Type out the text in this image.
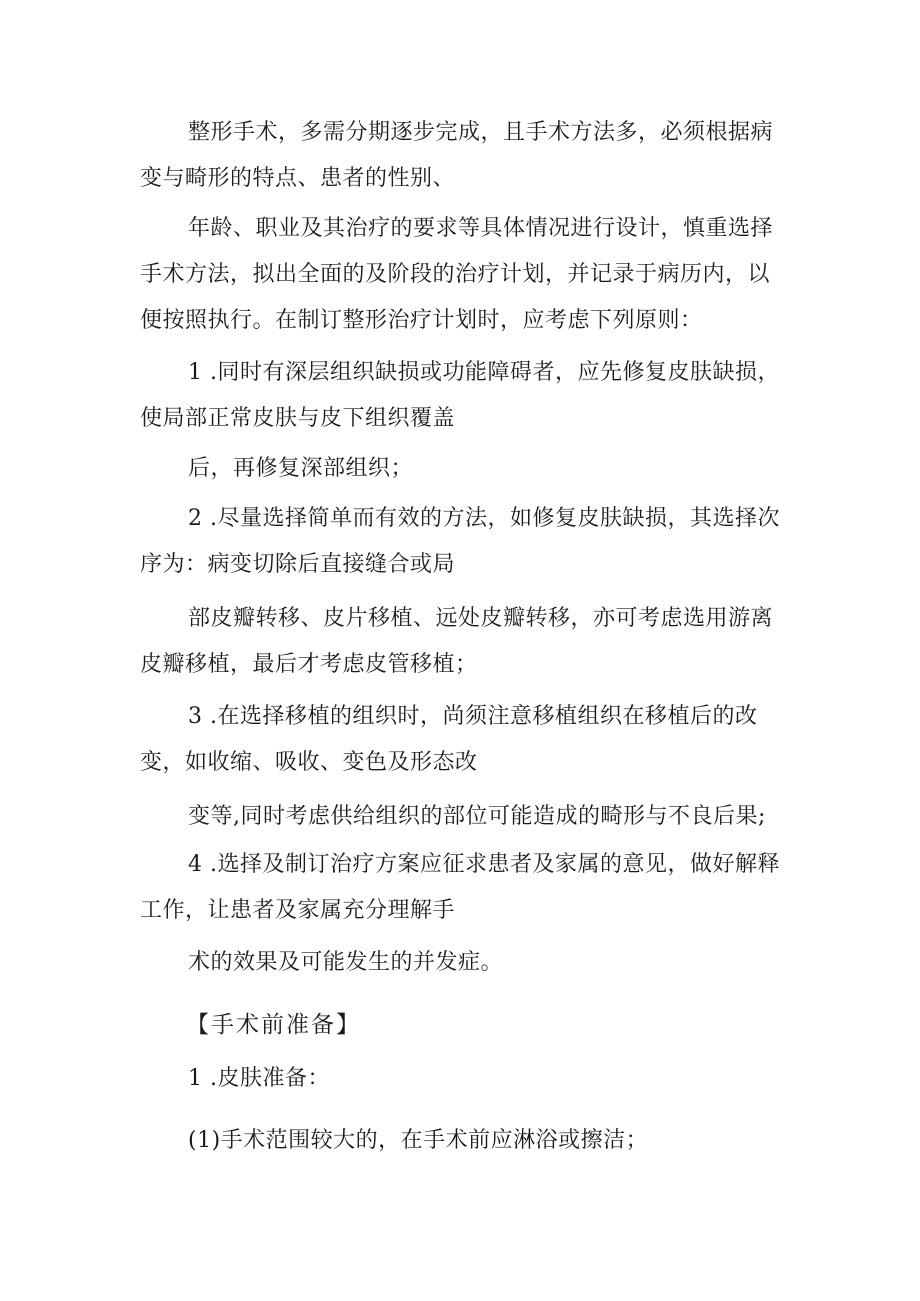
整形手术，多需分期逐步完成，且手术方法多，必须根据病变与畸形的特点、患者的性别、

年龄、职业及其治疗的要求等具体情况进行设计，慎重选择手术方法，拟出全面的及阶段的治疗计划，并记录于病历内，以便按照执行。在制订整形治疗计划时，应考虑下列原则：

1 .同时有深层组织缺损或功能障碍者，应先修复皮肤缺损，使局部正常皮肤与皮下组织覆盖

后，再修复深部组织；

2 .尽量选择简单而有效的方法，如修复皮肤缺损，其选择次序为：病变切除后直接缝合或局

部皮瓣转移、皮片移植、远处皮瓣转移，亦可考虑选用游离皮瓣移植，最后才考虑皮管移植；

3 .在选择移植的组织时，尚须注意移植组织在移植后的改变，如收缩、吸收、变色及形态改

变等,同时考虑供给组织的部位可能造成的畸形与不良后果;

4 .选择及制订治疗方案应征求患者及家属的意见，做好解释工作，让患者及家属充分理解手

术的效果及可能发生的并发症。

【手术前准备】

1 .皮肤准备：

(1)手术范围较大的，在手术前应淋浴或擦洁；
